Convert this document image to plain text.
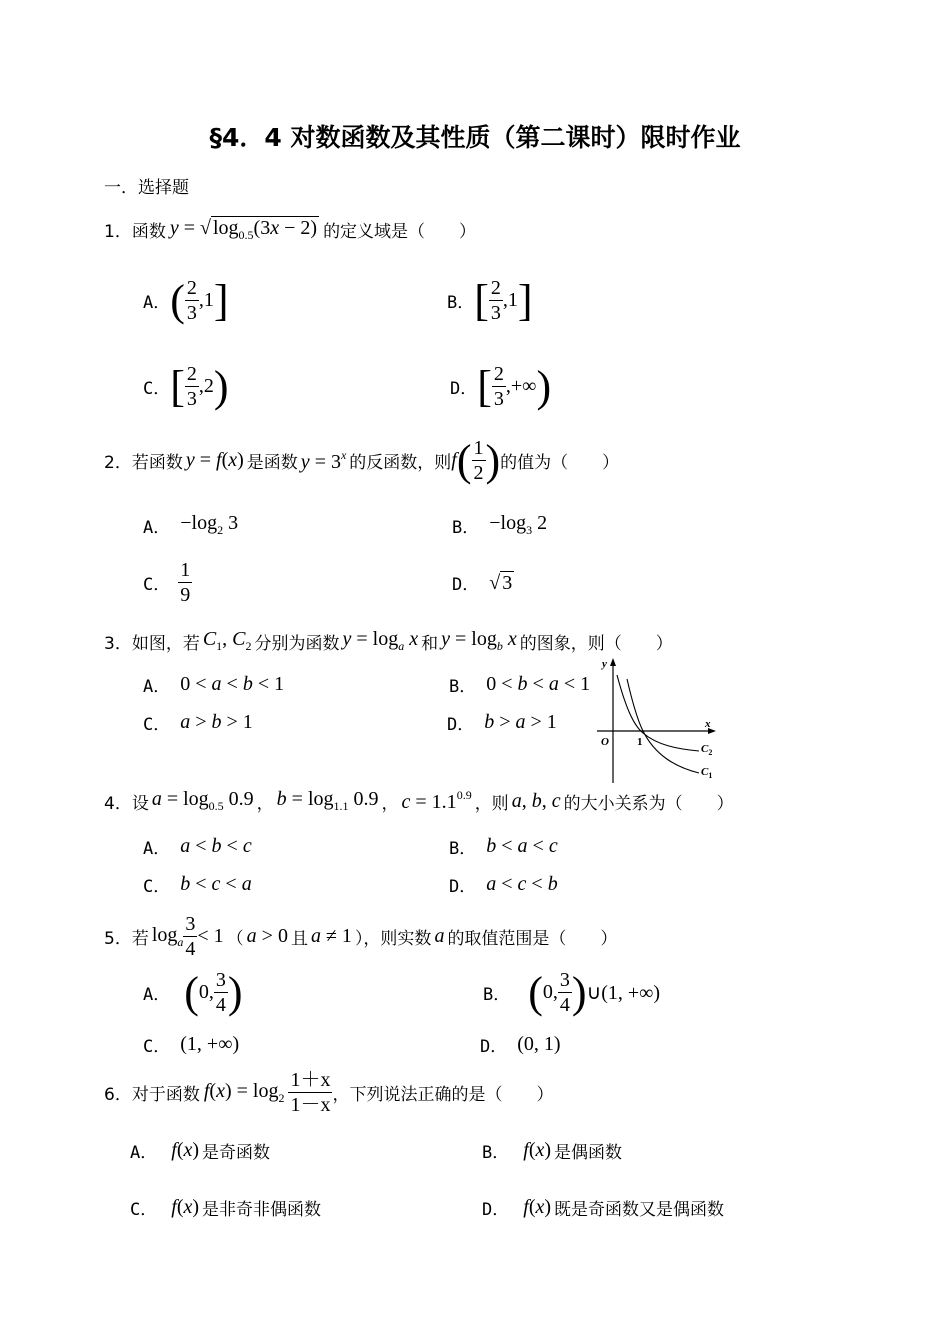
§4．4 对数函数及其性质（第二课时）限时作业
一．选择题
1． 函数 y = √ $\log_{0.5}(3x - 2)$ 的定义域是（　　）
A． ( $\frac{2}{3}$ , 1 ]	B． [ $\frac{2}{3}$ , 1 ]
C． [ $\frac{2}{3}$ , 2 )	D． [ $\frac{2}{3}$ , +∞ )
2． 若函数 y = f(x) 是函数 $y = 3^x$ 的反函数，则 f ( $\frac{1}{2}$ ) 的值为（　　）
A． $-\log_2$ 3	B． $-\log_3$ 2
C． $\frac{1}{9}$	D． √ 3
3． 如图，若 $C_1$, $C_2$ 分别为函数 $y = \log_a x$ 和 $y = \log_b x$ 的图象，则（　　）
A． 0 < a < b < 1	B． 0 < b < a < 1
C． a > b > 1	D． b > a > 1
y
x
O	1
$C_2$
$C_1$
4． 设 $a = \log_{0.5} 0.9$ ， $b = \log_{1.1} 0.9$ ， $c = 1.1^{0.9}$ ，则 a, b, c 的大小关系为（　　）
A． a < b < c	B． b < a < c
C． b < c < a	D． a < c < b
5． 若 $\log_a \frac{3}{4} < 1$ （ a > 0 且 a ≠ 1 ），则实数 a 的取值范围是（　　）
A． ( 0, $\frac{3}{4}$ )	B． ( 0, $\frac{3}{4}$ ) ∪(1, +∞)
C． (1, +∞)	D． (0, 1)
6． 对于函数 $f(x) = \log_2 \frac{1+x}{1-x}$ ，下列说法正确的是（　　）
A． f(x) 是奇函数	B． f(x) 是偶函数
C． f(x) 是非奇非偶函数	D． f(x) 既是奇函数又是偶函数
